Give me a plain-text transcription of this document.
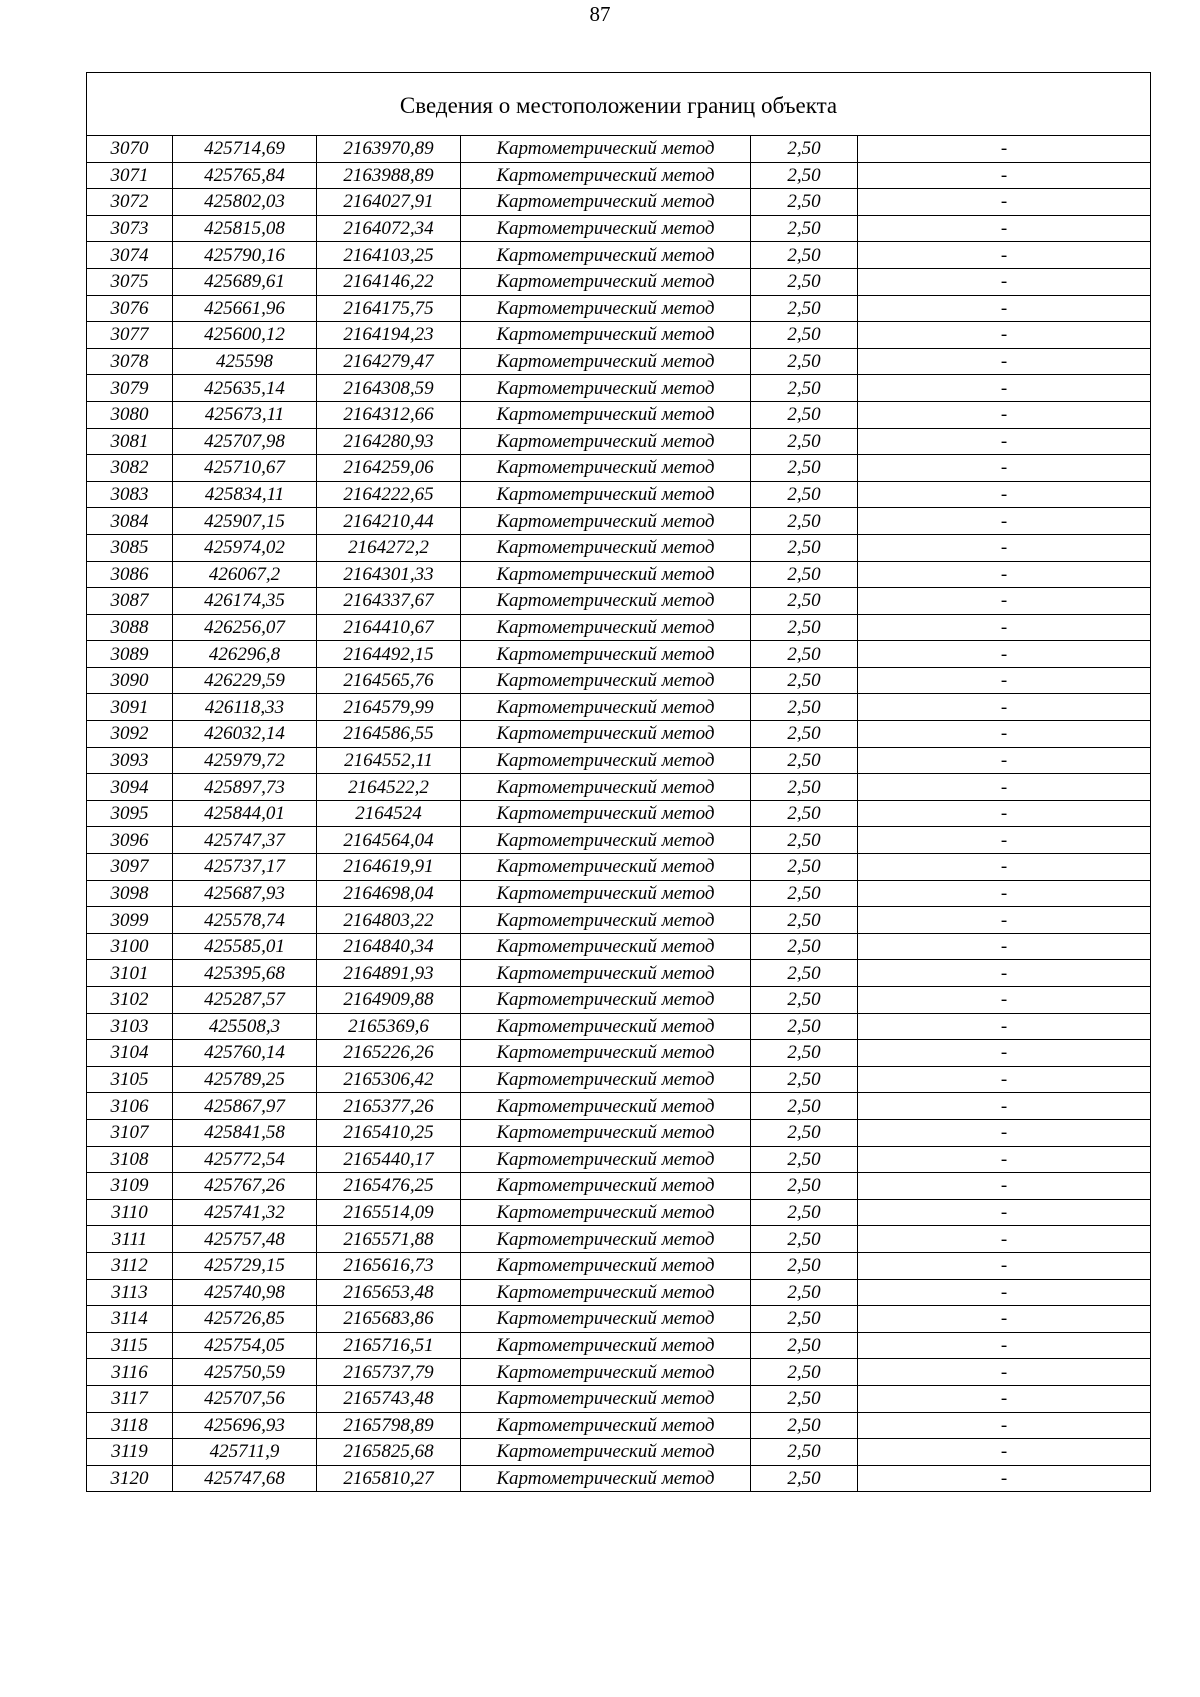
87
Сведения о местоположении границ объекта					
3070	425714,69	2163970,89	Картометрический метод	2,50	-
3071	425765,84	2163988,89	Картометрический метод	2,50	-
3072	425802,03	2164027,91	Картометрический метод	2,50	-
3073	425815,08	2164072,34	Картометрический метод	2,50	-
3074	425790,16	2164103,25	Картометрический метод	2,50	-
3075	425689,61	2164146,22	Картометрический метод	2,50	-
3076	425661,96	2164175,75	Картометрический метод	2,50	-
3077	425600,12	2164194,23	Картометрический метод	2,50	-
3078	425598	2164279,47	Картометрический метод	2,50	-
3079	425635,14	2164308,59	Картометрический метод	2,50	-
3080	425673,11	2164312,66	Картометрический метод	2,50	-
3081	425707,98	2164280,93	Картометрический метод	2,50	-
3082	425710,67	2164259,06	Картометрический метод	2,50	-
3083	425834,11	2164222,65	Картометрический метод	2,50	-
3084	425907,15	2164210,44	Картометрический метод	2,50	-
3085	425974,02	2164272,2	Картометрический метод	2,50	-
3086	426067,2	2164301,33	Картометрический метод	2,50	-
3087	426174,35	2164337,67	Картометрический метод	2,50	-
3088	426256,07	2164410,67	Картометрический метод	2,50	-
3089	426296,8	2164492,15	Картометрический метод	2,50	-
3090	426229,59	2164565,76	Картометрический метод	2,50	-
3091	426118,33	2164579,99	Картометрический метод	2,50	-
3092	426032,14	2164586,55	Картометрический метод	2,50	-
3093	425979,72	2164552,11	Картометрический метод	2,50	-
3094	425897,73	2164522,2	Картометрический метод	2,50	-
3095	425844,01	2164524	Картометрический метод	2,50	-
3096	425747,37	2164564,04	Картометрический метод	2,50	-
3097	425737,17	2164619,91	Картометрический метод	2,50	-
3098	425687,93	2164698,04	Картометрический метод	2,50	-
3099	425578,74	2164803,22	Картометрический метод	2,50	-
3100	425585,01	2164840,34	Картометрический метод	2,50	-
3101	425395,68	2164891,93	Картометрический метод	2,50	-
3102	425287,57	2164909,88	Картометрический метод	2,50	-
3103	425508,3	2165369,6	Картометрический метод	2,50	-
3104	425760,14	2165226,26	Картометрический метод	2,50	-
3105	425789,25	2165306,42	Картометрический метод	2,50	-
3106	425867,97	2165377,26	Картометрический метод	2,50	-
3107	425841,58	2165410,25	Картометрический метод	2,50	-
3108	425772,54	2165440,17	Картометрический метод	2,50	-
3109	425767,26	2165476,25	Картометрический метод	2,50	-
3110	425741,32	2165514,09	Картометрический метод	2,50	-
3111	425757,48	2165571,88	Картометрический метод	2,50	-
3112	425729,15	2165616,73	Картометрический метод	2,50	-
3113	425740,98	2165653,48	Картометрический метод	2,50	-
3114	425726,85	2165683,86	Картометрический метод	2,50	-
3115	425754,05	2165716,51	Картометрический метод	2,50	-
3116	425750,59	2165737,79	Картометрический метод	2,50	-
3117	425707,56	2165743,48	Картометрический метод	2,50	-
3118	425696,93	2165798,89	Картометрический метод	2,50	-
3119	425711,9	2165825,68	Картометрический метод	2,50	-
3120	425747,68	2165810,27	Картометрический метод	2,50	-
